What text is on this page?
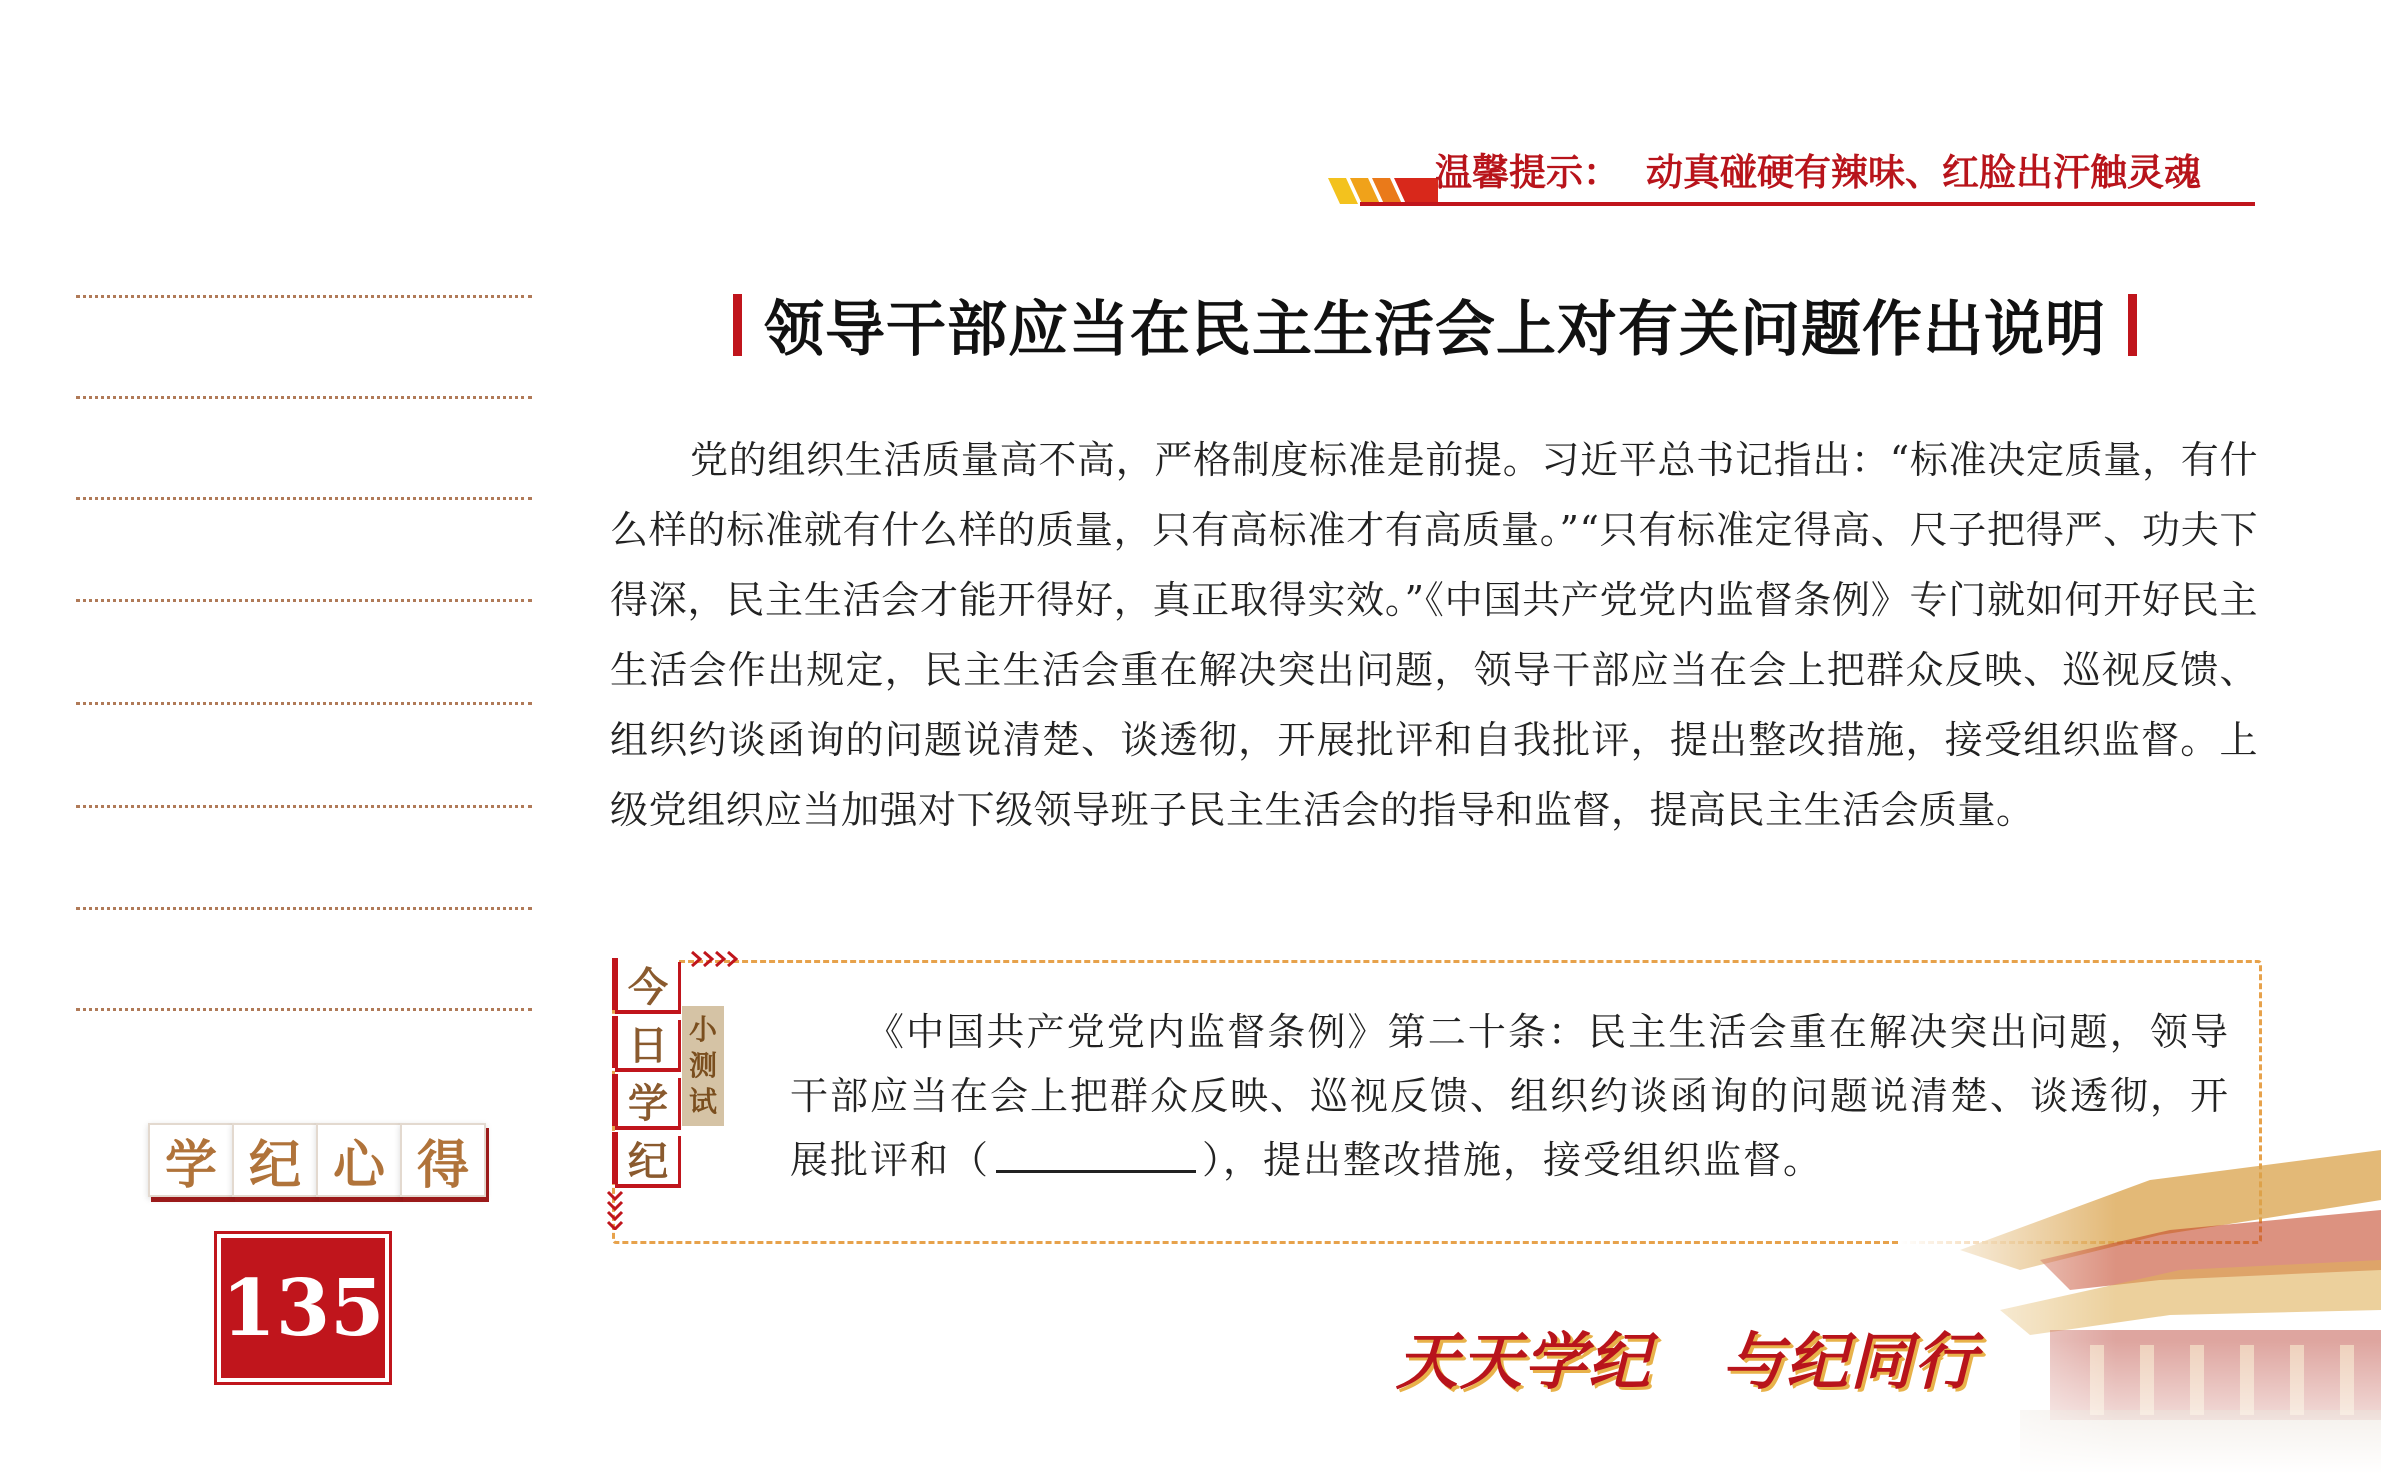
温馨提示： 动真碰硬有辣味、红脸出汗触灵魂
学 纪 心 得
135
领导干部应当在民主生活会上对有关问题作出说明

党的组织生活质量高不高，严格制度标准是前提。习近平总书记指出：“标准决定质量，有什么样的标准就有什么样的质量，只有高标准才有高质量。”“只有标准定得高、尺子把得严、功夫下得深，民主生活会才能开得好，真正取得实效。”《中国共产党党内监督条例》专门就如何开好民主生活会作出规定，民主生活会重在解决突出问题，领导干部应当在会上把群众反映、巡视反馈、组织约谈函询的问题说清楚、谈透彻，开展批评和自我批评，提出整改措施，接受组织监督。上级党组织应当加强对下级领导班子民主生活会的指导和监督，提高民主生活会质量。

今
日
学
纪
小
测
试

《中国共产党党内监督条例》第二十条：民主生活会重在解决突出问题，领导干部应当在会上把群众反映、巡视反馈、组织约谈函询的问题说清楚、谈透彻，开展批评和（	），提出整改措施，接受组织监督。

天天学纪 与纪同行
